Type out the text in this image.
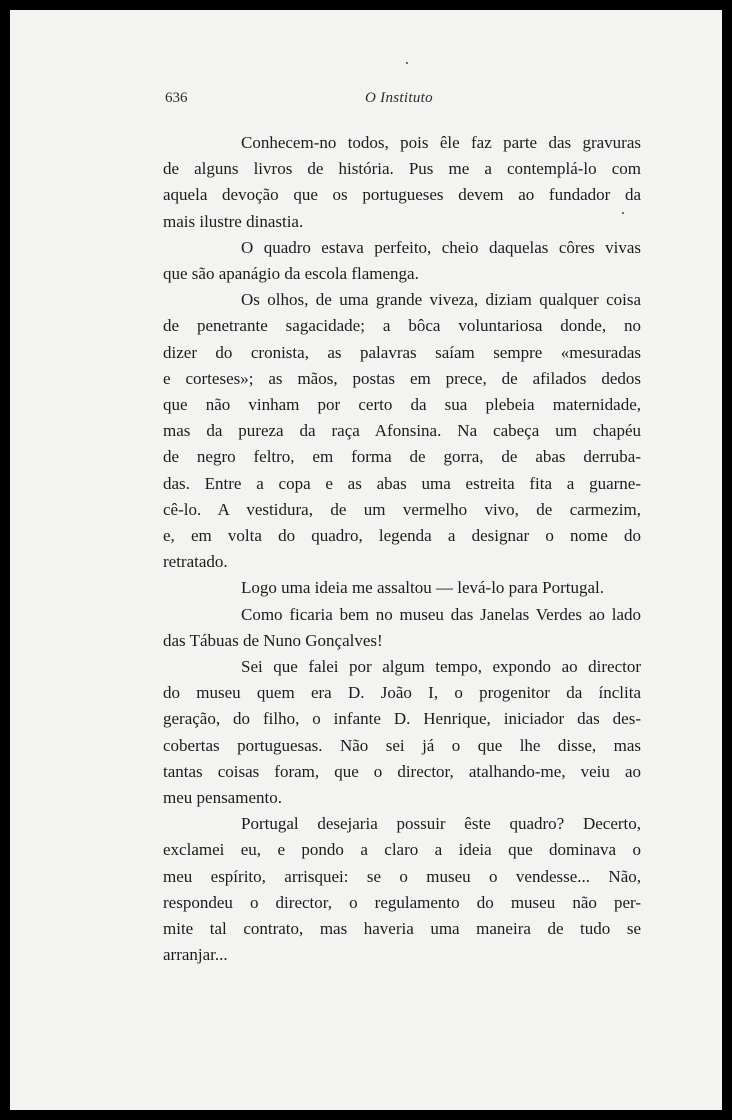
636	O Instituto

Conhecem-no todos, pois êle faz parte das gravuras
de alguns livros de história. Pus me a contemplá-lo com
aquela devoção que os portugueses devem ao fundador da
mais ilustre dinastia.

O quadro estava perfeito, cheio daquelas côres vivas
que são apanágio da escola flamenga.

Os olhos, de uma grande viveza, diziam qualquer coisa
de penetrante sagacidade; a bôca voluntariosa donde, no
dizer do cronista, as palavras saíam sempre «mesuradas
e corteses»; as mãos, postas em prece, de afilados dedos
que não vinham por certo da sua plebeia maternidade,
mas da pureza da raça Afonsina. Na cabeça um chapéu
de negro feltro, em forma de gorra, de abas derruba-
das. Entre a copa e as abas uma estreita fita a guarne-
cê-lo. A vestidura, de um vermelho vivo, de carmezim,
e, em volta do quadro, legenda a designar o nome do
retratado.

Logo uma ideia me assaltou — levá-lo para Portugal.

Como ficaria bem no museu das Janelas Verdes ao lado
das Tábuas de Nuno Gonçalves!

Sei que falei por algum tempo, expondo ao director
do museu quem era D. João I, o progenitor da ínclita
geração, do filho, o infante D. Henrique, iniciador das des-
cobertas portuguesas. Não sei já o que lhe disse, mas
tantas coisas foram, que o director, atalhando-me, veiu ao
meu pensamento.

Portugal desejaria possuir êste quadro? Decerto,
exclamei eu, e pondo a claro a ideia que dominava o
meu espírito, arrisquei: se o museu o vendesse... Não,
respondeu o director, o regulamento do museu não per-
mite tal contrato, mas haveria uma maneira de tudo se
arranjar...
